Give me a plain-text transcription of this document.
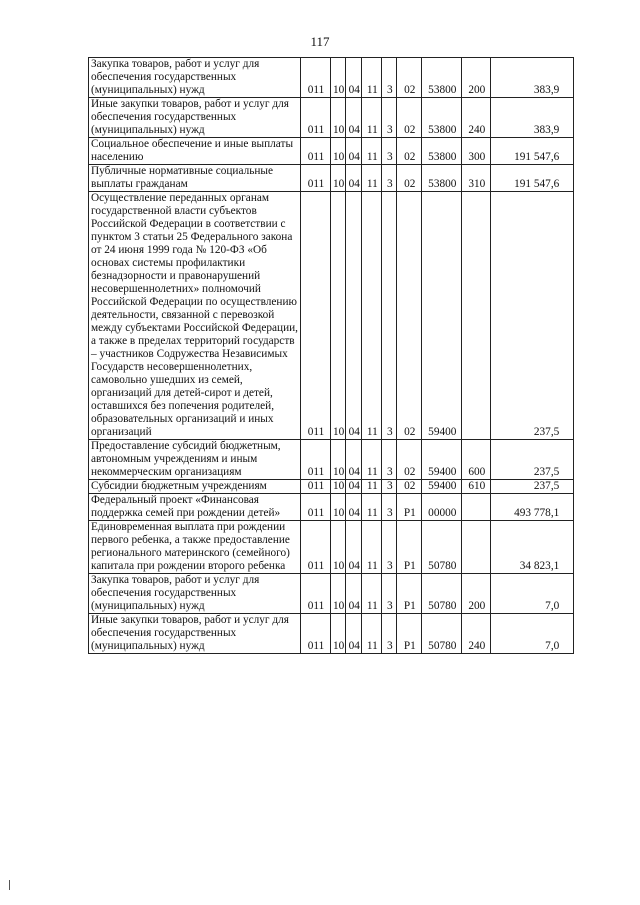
117
Закупка товаров, работ и услуг для обеспечения государственных (муниципальных) нужд	011	10	04	11	3	02	53800	200	383,9
Иные закупки товаров, работ и услуг для обеспечения государственных (муниципальных) нужд	011	10	04	11	3	02	53800	240	383,9
Социальное обеспечение и иные выплаты населению	011	10	04	11	3	02	53800	300	191 547,6
Публичные нормативные социальные выплаты гражданам	011	10	04	11	3	02	53800	310	191 547,6
Осуществление переданных органам государственной власти субъектов Российской Федерации в соответствии с пунктом 3 статьи 25 Федерального закона от 24 июня 1999 года № 120-ФЗ «Об основах системы профилактики безнадзорности и правонарушений несовершеннолетних» полномочий Российской Федерации по осуществлению деятельности, связанной с перевозкой между субъектами Российской Федерации, а также в пределах территорий государств – участников Содружества Независимых Государств несовершеннолетних, самовольно ушедших из семей, организаций для детей-сирот и детей, оставшихся без попечения родителей, образовательных организаций и иных организаций	011	10	04	11	3	02	59400		237,5
Предоставление субсидий бюджетным, автономным учреждениям и иным некоммерческим организациям	011	10	04	11	3	02	59400	600	237,5
Субсидии бюджетным учреждениям	011	10	04	11	3	02	59400	610	237,5
Федеральный проект «Финансовая поддержка семей при рождении детей»	011	10	04	11	3	P1	00000		493 778,1
Единовременная выплата при рождении первого ребенка, а также предоставление регионального материнского (семейного) капитала при рождении второго ребенка	011	10	04	11	3	P1	50780		34 823,1
Закупка товаров, работ и услуг для обеспечения государственных (муниципальных) нужд	011	10	04	11	3	P1	50780	200	7,0
Иные закупки товаров, работ и услуг для обеспечения государственных (муниципальных) нужд	011	10	04	11	3	P1	50780	240	7,0
